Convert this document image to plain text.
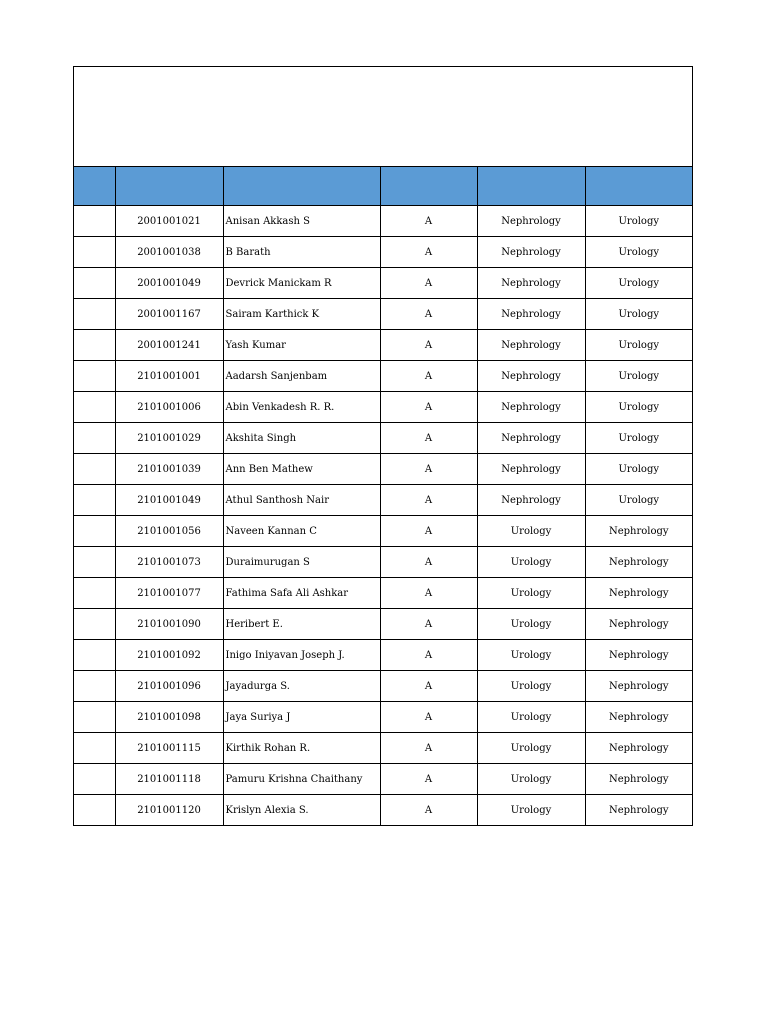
	2001001021	Anisan Akkash S	A	Nephrology	Urology
	2001001038	B Barath	A	Nephrology	Urology
	2001001049	Devrick Manickam R	A	Nephrology	Urology
	2001001167	Sairam Karthick K	A	Nephrology	Urology
	2001001241	Yash Kumar	A	Nephrology	Urology
	2101001001	Aadarsh Sanjenbam	A	Nephrology	Urology
	2101001006	Abin Venkadesh R. R.	A	Nephrology	Urology
	2101001029	Akshita Singh	A	Nephrology	Urology
	2101001039	Ann Ben Mathew	A	Nephrology	Urology
	2101001049	Athul Santhosh Nair	A	Nephrology	Urology
	2101001056	Naveen Kannan C	A	Urology	Nephrology
	2101001073	Duraimurugan S	A	Urology	Nephrology
	2101001077	Fathima Safa Ali Ashkar	A	Urology	Nephrology
	2101001090	Heribert E.	A	Urology	Nephrology
	2101001092	Inigo Iniyavan Joseph J.	A	Urology	Nephrology
	2101001096	Jayadurga S.	A	Urology	Nephrology
	2101001098	Jaya Suriya J	A	Urology	Nephrology
	2101001115	Kirthik Rohan R.	A	Urology	Nephrology
	2101001118	Pamuru Krishna Chaithany	A	Urology	Nephrology
	2101001120	Krislyn Alexia S.	A	Urology	Nephrology
